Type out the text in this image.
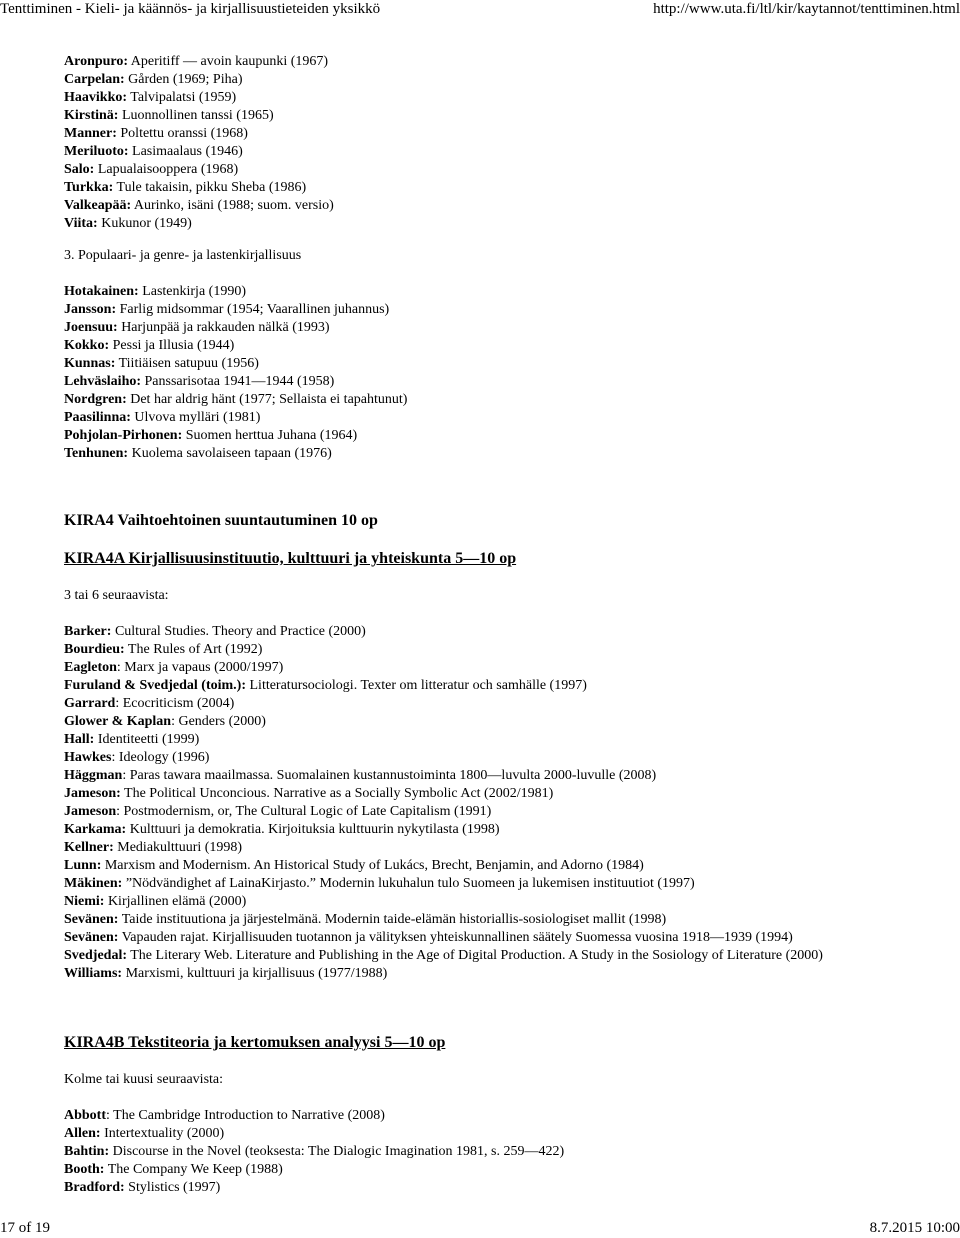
Tenttiminen - Kieli- ja käännös- ja kirjallisuustieteiden yksikkö	http://www.uta.fi/ltl/kir/kaytannot/tenttiminen.html
Aronpuro: Aperitiff — avoin kaupunki (1967)
Carpelan: Gården (1969; Piha)
Haavikko: Talvipalatsi (1959)
Kirstinä: Luonnollinen tanssi (1965)
Manner: Poltettu oranssi (1968)
Meriluoto: Lasimaalaus (1946)
Salo: Lapualaisooppera (1968)
Turkka: Tule takaisin, pikku Sheba (1986)
Valkeapää: Aurinko, isäni (1988; suom. versio)
Viita: Kukunor (1949)
3. Populaari- ja genre- ja lastenkirjallisuus
Hotakainen: Lastenkirja (1990)
Jansson: Farlig midsommar (1954; Vaarallinen juhannus)
Joensuu: Harjunpää ja rakkauden nälkä (1993)
Kokko: Pessi ja Illusia (1944)
Kunnas: Tiitiäisen satupuu (1956)
Lehväslaiho: Panssarisotaa 1941—1944 (1958)
Nordgren: Det har aldrig hänt (1977; Sellaista ei tapahtunut)
Paasilinna: Ulvova mylläri (1981)
Pohjolan-Pirhonen: Suomen herttua Juhana (1964)
Tenhunen: Kuolema savolaiseen tapaan (1976)
KIRA4 Vaihtoehtoinen suuntautuminen 10 op
KIRA4A Kirjallisuusinstituutio, kulttuuri ja yhteiskunta 5—10 op
3 tai 6 seuraavista:
Barker: Cultural Studies. Theory and Practice (2000)
Bourdieu: The Rules of Art (1992)
Eagleton: Marx ja vapaus (2000/1997)
Furuland & Svedjedal (toim.): Litteratursociologi. Texter om litteratur och samhälle (1997)
Garrard: Ecocriticism (2004)
Glower & Kaplan: Genders (2000)
Hall: Identiteetti (1999)
Hawkes: Ideology (1996)
Häggman: Paras tawara maailmassa. Suomalainen kustannustoiminta 1800—luvulta 2000-luvulle (2008)
Jameson: The Political Unconcious. Narrative as a Socially Symbolic Act (2002/1981)
Jameson: Postmodernism, or, The Cultural Logic of Late Capitalism (1991)
Karkama: Kulttuuri ja demokratia. Kirjoituksia kulttuurin nykytilasta (1998)
Kellner: Mediakulttuuri (1998)
Lunn: Marxism and Modernism. An Historical Study of Lukács, Brecht, Benjamin, and Adorno (1984)
Mäkinen: ”Nödvändighet af LainaKirjasto.” Modernin lukuhalun tulo Suomeen ja lukemisen instituutiot (1997)
Niemi: Kirjallinen elämä (2000)
Sevänen: Taide instituutiona ja järjestelmänä. Modernin taide-elämän historiallis-sosiologiset mallit (1998)
Sevänen: Vapauden rajat. Kirjallisuuden tuotannon ja välityksen yhteiskunnallinen säätely Suomessa vuosina 1918—1939 (1994)
Svedjedal: The Literary Web. Literature and Publishing in the Age of Digital Production. A Study in the Sosiology of Literature (2000)
Williams: Marxismi, kulttuuri ja kirjallisuus (1977/1988)
KIRA4B Tekstiteoria ja kertomuksen analyysi 5—10 op
Kolme tai kuusi seuraavista:
Abbott: The Cambridge Introduction to Narrative (2008)
Allen: Intertextuality (2000)
Bahtin: Discourse in the Novel (teoksesta: The Dialogic Imagination 1981, s. 259—422)
Booth: The Company We Keep (1988)
Bradford: Stylistics (1997)
17 of 19	8.7.2015 10:00
